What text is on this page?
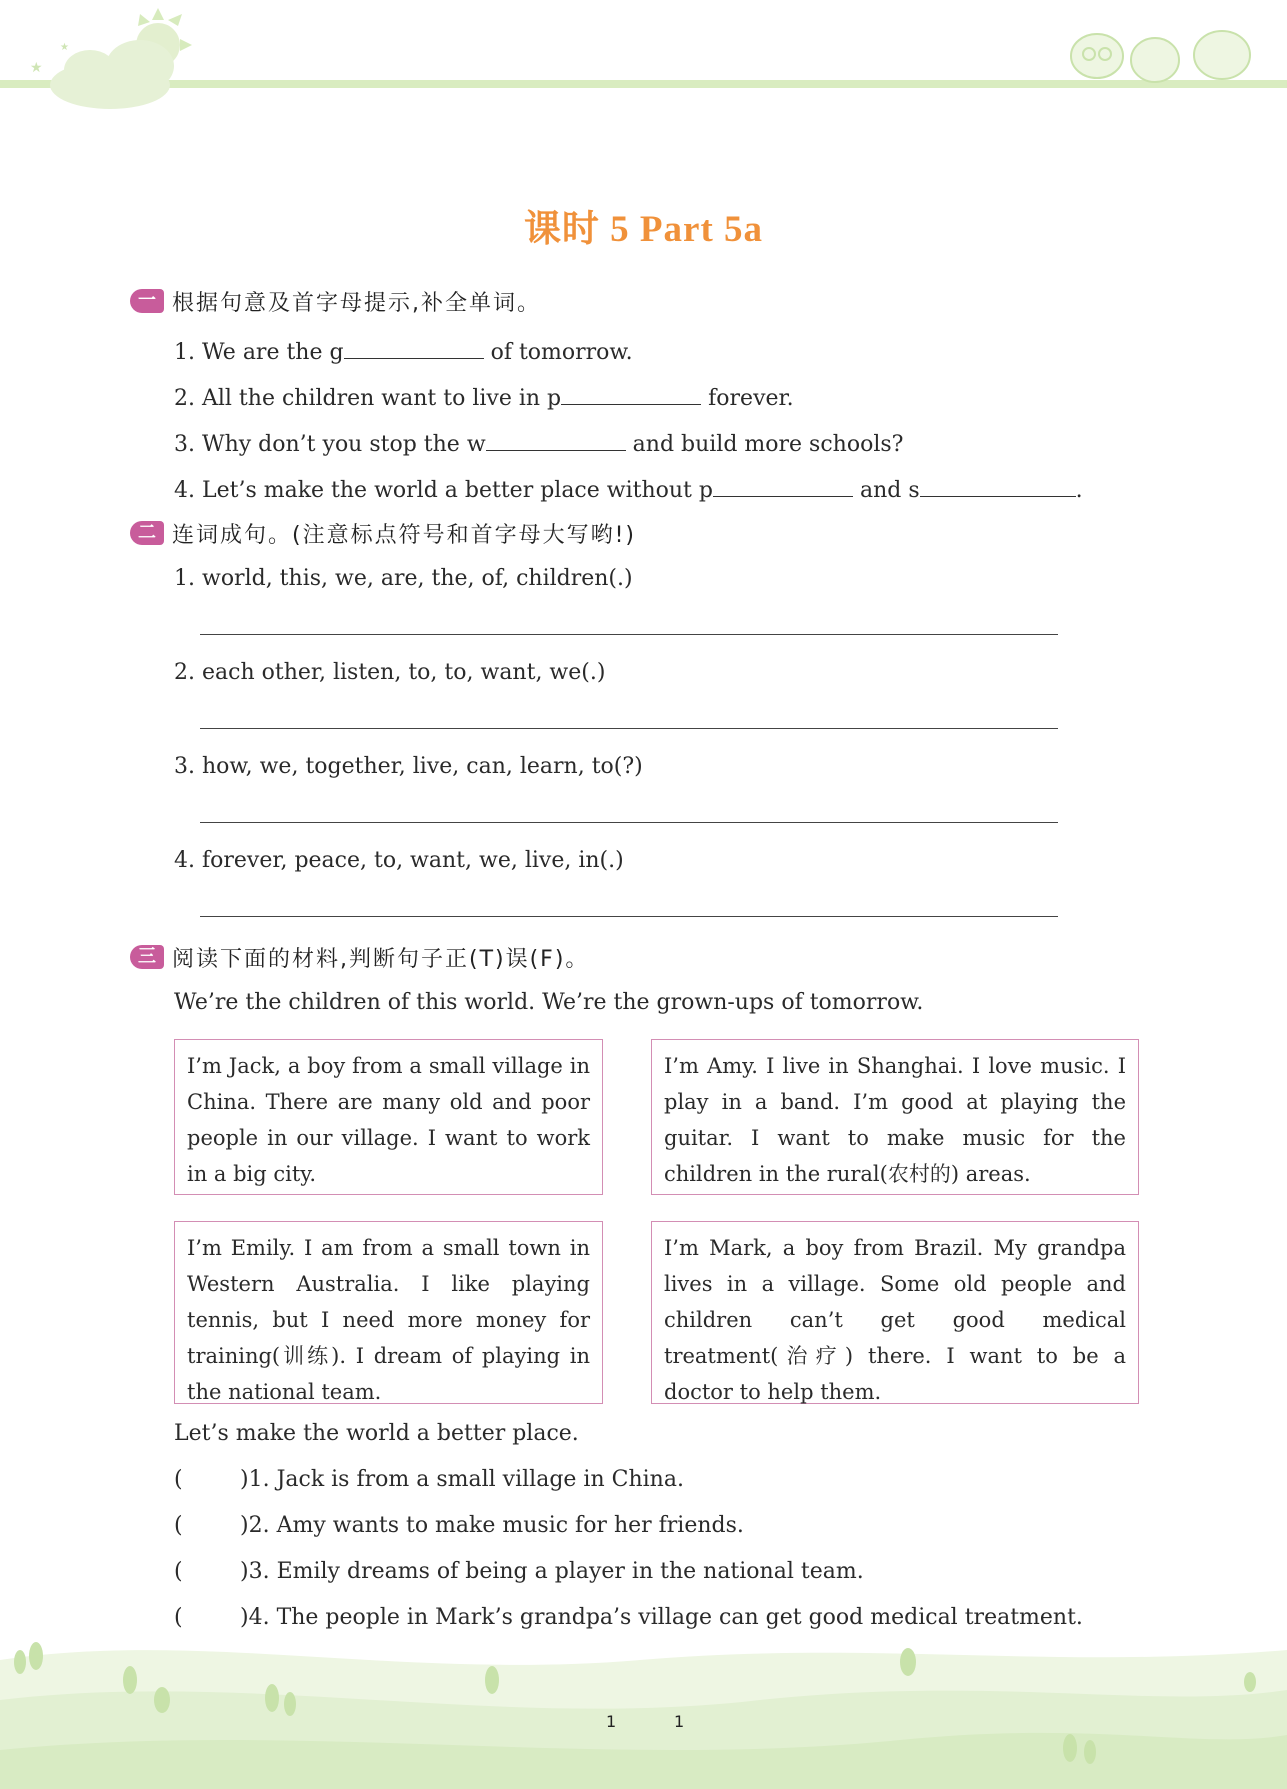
★
★
课时 5 Part 5a
一 根据句意及首字母提示,补全单词。
1. We are the g	of tomorrow.
2. All the children want to live in p	forever.
3. Why don’t you stop the w	and build more schools?
4. Let’s make the world a better place without p	and s	.
二 连词成句。(注意标点符号和首字母大写哟!)
1. world, this, we, are, the, of, children(.)
2. each other, listen, to, to, want, we(.)
3. how, we, together, live, can, learn, to(?)
4. forever, peace, to, want, we, live, in(.)
三 阅读下面的材料,判断句子正(T)误(F)。
We’re the children of this world. We’re the grown-ups of tomorrow.
I’m Jack, a boy from a small village in China. There are many old and poor people in our village. I want to work in a big city.
I’m Amy. I live in Shanghai. I love music. I play in a band. I’m good at playing the guitar. I want to make music for the children in the rural(农村的) areas.
I’m Emily. I am from a small town in Western Australia. I like playing tennis, but I need more money for training(训练). I dream of playing in the national team.
I’m Mark, a boy from Brazil. My grandpa lives in a village. Some old people and children can’t get good medical treatment(治疗) there. I want to be a doctor to help them.
Let’s make the world a better place.
(	)1. Jack is from a small village in China.
(	)2. Amy wants to make music for her friends.
(	)3. Emily dreams of being a player in the national team.
(	)4. The people in Mark’s grandpa’s village can get good medical treatment.
1	1
